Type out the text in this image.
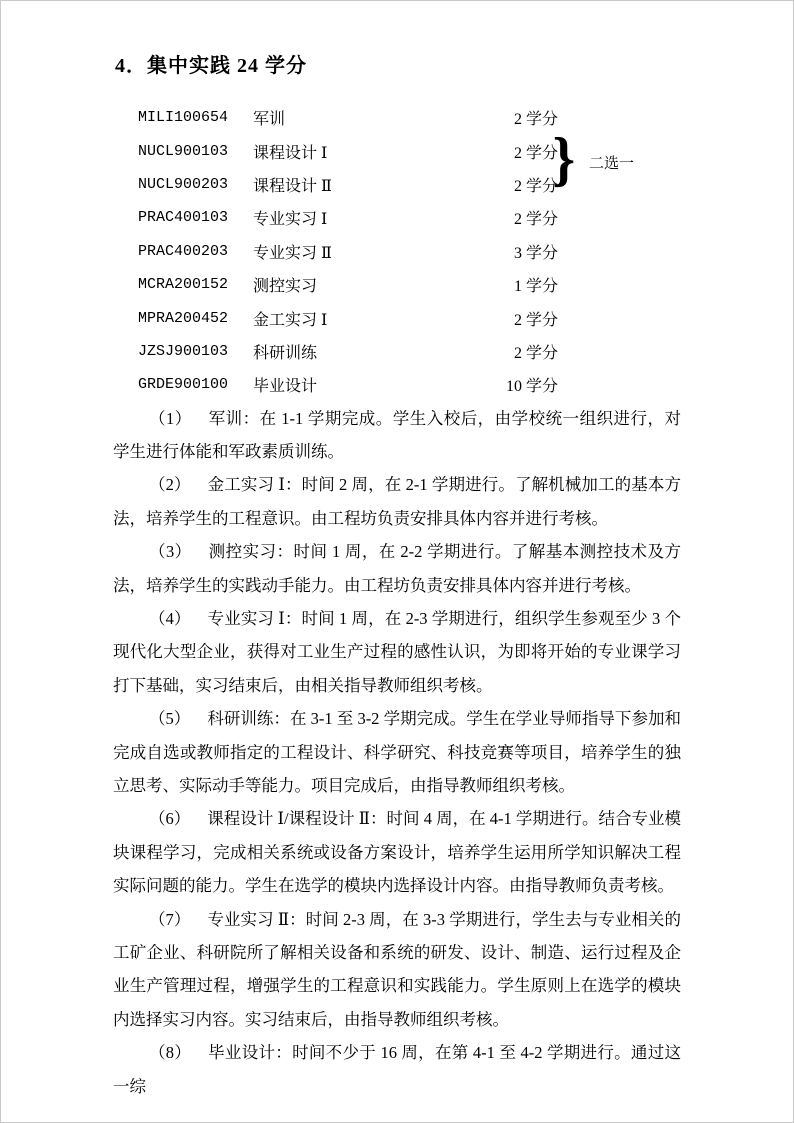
4．集中实践 24 学分
MILI100654	军训	2 学分
NUCL900103	课程设计 Ⅰ	2 学分
NUCL900203	课程设计 Ⅱ	2 学分
PRAC400103	专业实习 Ⅰ	2 学分
PRAC400203	专业实习 Ⅱ	3 学分
MCRA200152	测控实习	1 学分
MPRA200452	金工实习 Ⅰ	2 学分
JZSJ900103	科研训练	2 学分
GRDE900100	毕业设计	10 学分
} 二选一

（1） 军训：在 1-1 学期完成。学生入校后，由学校统一组织进行，对学生进行体能和军政素质训练。

（2） 金工实习 Ⅰ：时间 2 周，在 2-1 学期进行。了解机械加工的基本方法，培养学生的工程意识。由工程坊负责安排具体内容并进行考核。

（3） 测控实习：时间 1 周，在 2-2 学期进行。了解基本测控技术及方法，培养学生的实践动手能力。由工程坊负责安排具体内容并进行考核。

（4） 专业实习 Ⅰ：时间 1 周，在 2-3 学期进行，组织学生参观至少 3 个现代化大型企业，获得对工业生产过程的感性认识，为即将开始的专业课学习打下基础，实习结束后，由相关指导教师组织考核。

（5） 科研训练：在 3-1 至 3-2 学期完成。学生在学业导师指导下参加和完成自选或教师指定的工程设计、科学研究、科技竞赛等项目，培养学生的独立思考、实际动手等能力。项目完成后，由指导教师组织考核。

（6） 课程设计 Ⅰ/课程设计 Ⅱ：时间 4 周，在 4-1 学期进行。结合专业模块课程学习，完成相关系统或设备方案设计，培养学生运用所学知识解决工程实际问题的能力。学生在选学的模块内选择设计内容。由指导教师负责考核。

（7） 专业实习 Ⅱ：时间 2-3 周，在 3-3 学期进行，学生去与专业相关的工矿企业、科研院所了解相关设备和系统的研发、设计、制造、运行过程及企业生产管理过程，增强学生的工程意识和实践能力。学生原则上在选学的模块内选择实习内容。实习结束后，由指导教师组织考核。

（8） 毕业设计：时间不少于 16 周，在第 4-1 至 4-2 学期进行。通过这一综
